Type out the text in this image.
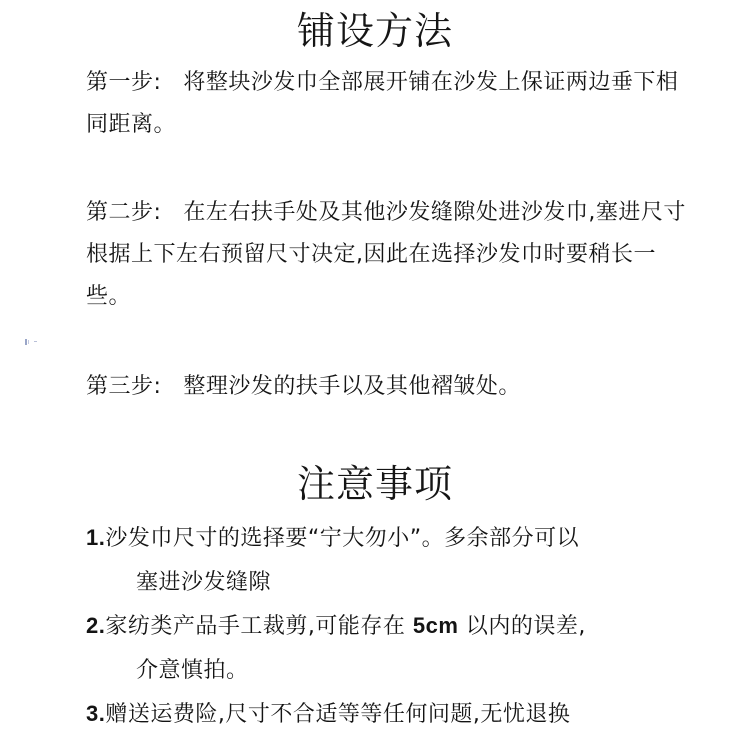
铺设方法
第一步: 将整块沙发巾全部展开铺在沙发上保证两边垂下相同距离。
第二步: 在左右扶手处及其他沙发缝隙处进沙发巾,塞进尺寸根据上下左右预留尺寸决定,因此在选择沙发巾时要稍长一些。
第三步: 整理沙发的扶手以及其他褶皱处。
注意事项
1.沙发巾尺寸的选择要“宁大勿小”。多余部分可以
塞进沙发缝隙
2.家纺类产品手工裁剪,可能存在 5cm 以内的误差,
介意慎拍。
3.赠送运费险,尺寸不合适等等任何问题,无忧退换
